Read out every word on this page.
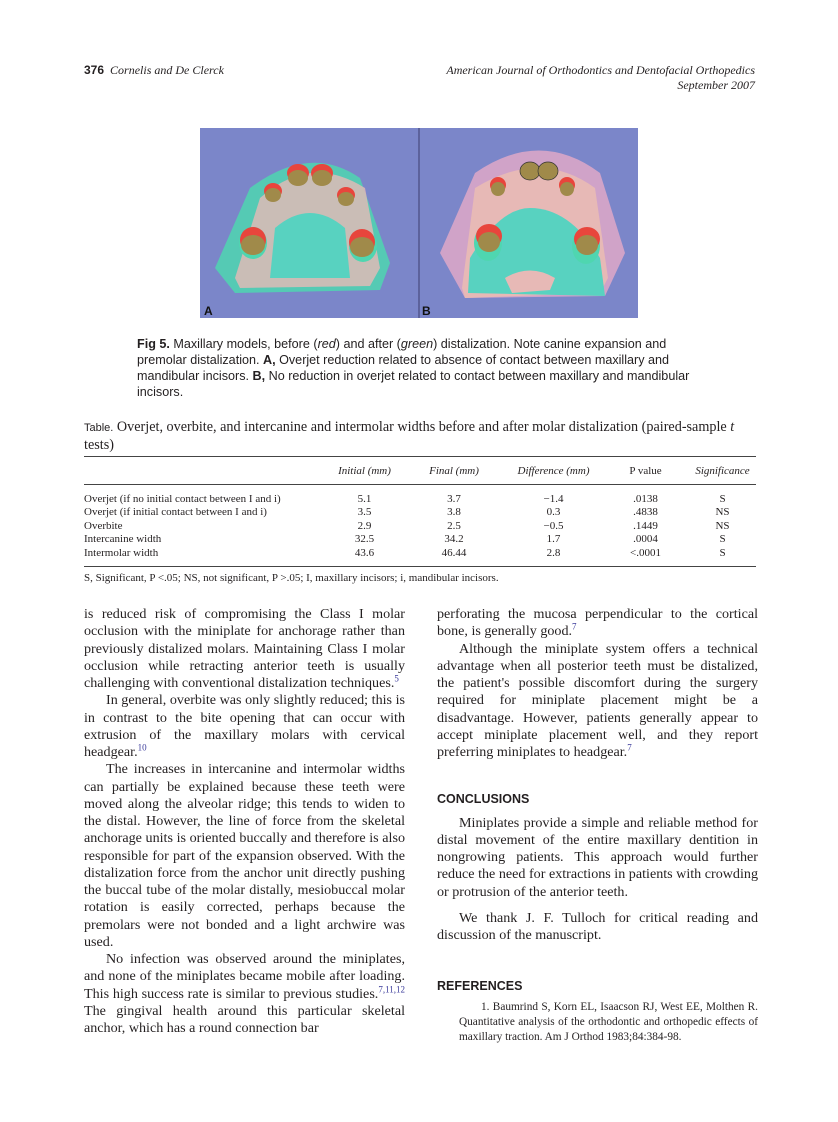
376 Cornelis and De Clerck	American Journal of Orthodontics and Dentofacial Orthopedics
September 2007
A	B
Fig 5. Maxillary models, before (red) and after (green) distalization. Note canine expansion and premolar distalization. A, Overjet reduction related to absence of contact between maxillary and mandibular incisors. B, No reduction in overjet related to contact between maxillary and mandibular incisors.
Table. Overjet, overbite, and intercanine and intermolar widths before and after molar distalization (paired-sample t tests)
	Initial (mm)	Final (mm)	Difference (mm)	P value	Significance
Overjet (if no initial contact between I and i)	5.1	3.7	−1.4	.0138	S
Overjet (if initial contact between I and i)	3.5	3.8	0.3	.4838	NS
Overbite	2.9	2.5	−0.5	.1449	NS
Intercanine width	32.5	34.2	1.7	.0004	S
Intermolar width	43.6	46.44	2.8	<.0001	S
S, Significant, P <.05; NS, not significant, P >.05; I, maxillary incisors; i, mandibular incisors.

is reduced risk of compromising the Class I molar occlusion with the miniplate for anchorage rather than previously distalized molars. Maintaining Class I molar occlusion while retracting anterior teeth is usually challenging with conventional distalization techniques.$^5$

In general, overbite was only slightly reduced; this is in contrast to the bite opening that can occur with extrusion of the maxillary molars with cervical headgear.$^{10}$

The increases in intercanine and intermolar widths can partially be explained because these teeth were moved along the alveolar ridge; this tends to widen to the distal. However, the line of force from the skeletal anchorage units is oriented buccally and therefore is also responsible for part of the expansion observed. With the distalization force from the anchor unit directly pushing the buccal tube of the molar distally, mesiobuccal molar rotation is easily corrected, perhaps because the premolars were not bonded and a light archwire was used.

No infection was observed around the miniplates, and none of the miniplates became mobile after loading. This high success rate is similar to previous studies.$^{7,11,12}$ The gingival health around this particular skeletal anchor, which has a round connection bar

perforating the mucosa perpendicular to the cortical bone, is generally good.$^7$

Although the miniplate system offers a technical advantage when all posterior teeth must be distalized, the patient's possible discomfort during the surgery required for miniplate placement might be a disadvantage. However, patients generally appear to accept miniplate placement well, and they report preferring miniplates to headgear.$^7$

CONCLUSIONS

Miniplates provide a simple and reliable method for distal movement of the entire maxillary dentition in nongrowing patients. This approach would further reduce the need for extractions in patients with crowding or protrusion of the anterior teeth.

We thank J. F. Tulloch for critical reading and discussion of the manuscript.

REFERENCES

1. Baumrind S, Korn EL, Isaacson RJ, West EE, Molthen R. Quantitative analysis of the orthodontic and orthopedic effects of maxillary traction. Am J Orthod 1983;84:384-98.
